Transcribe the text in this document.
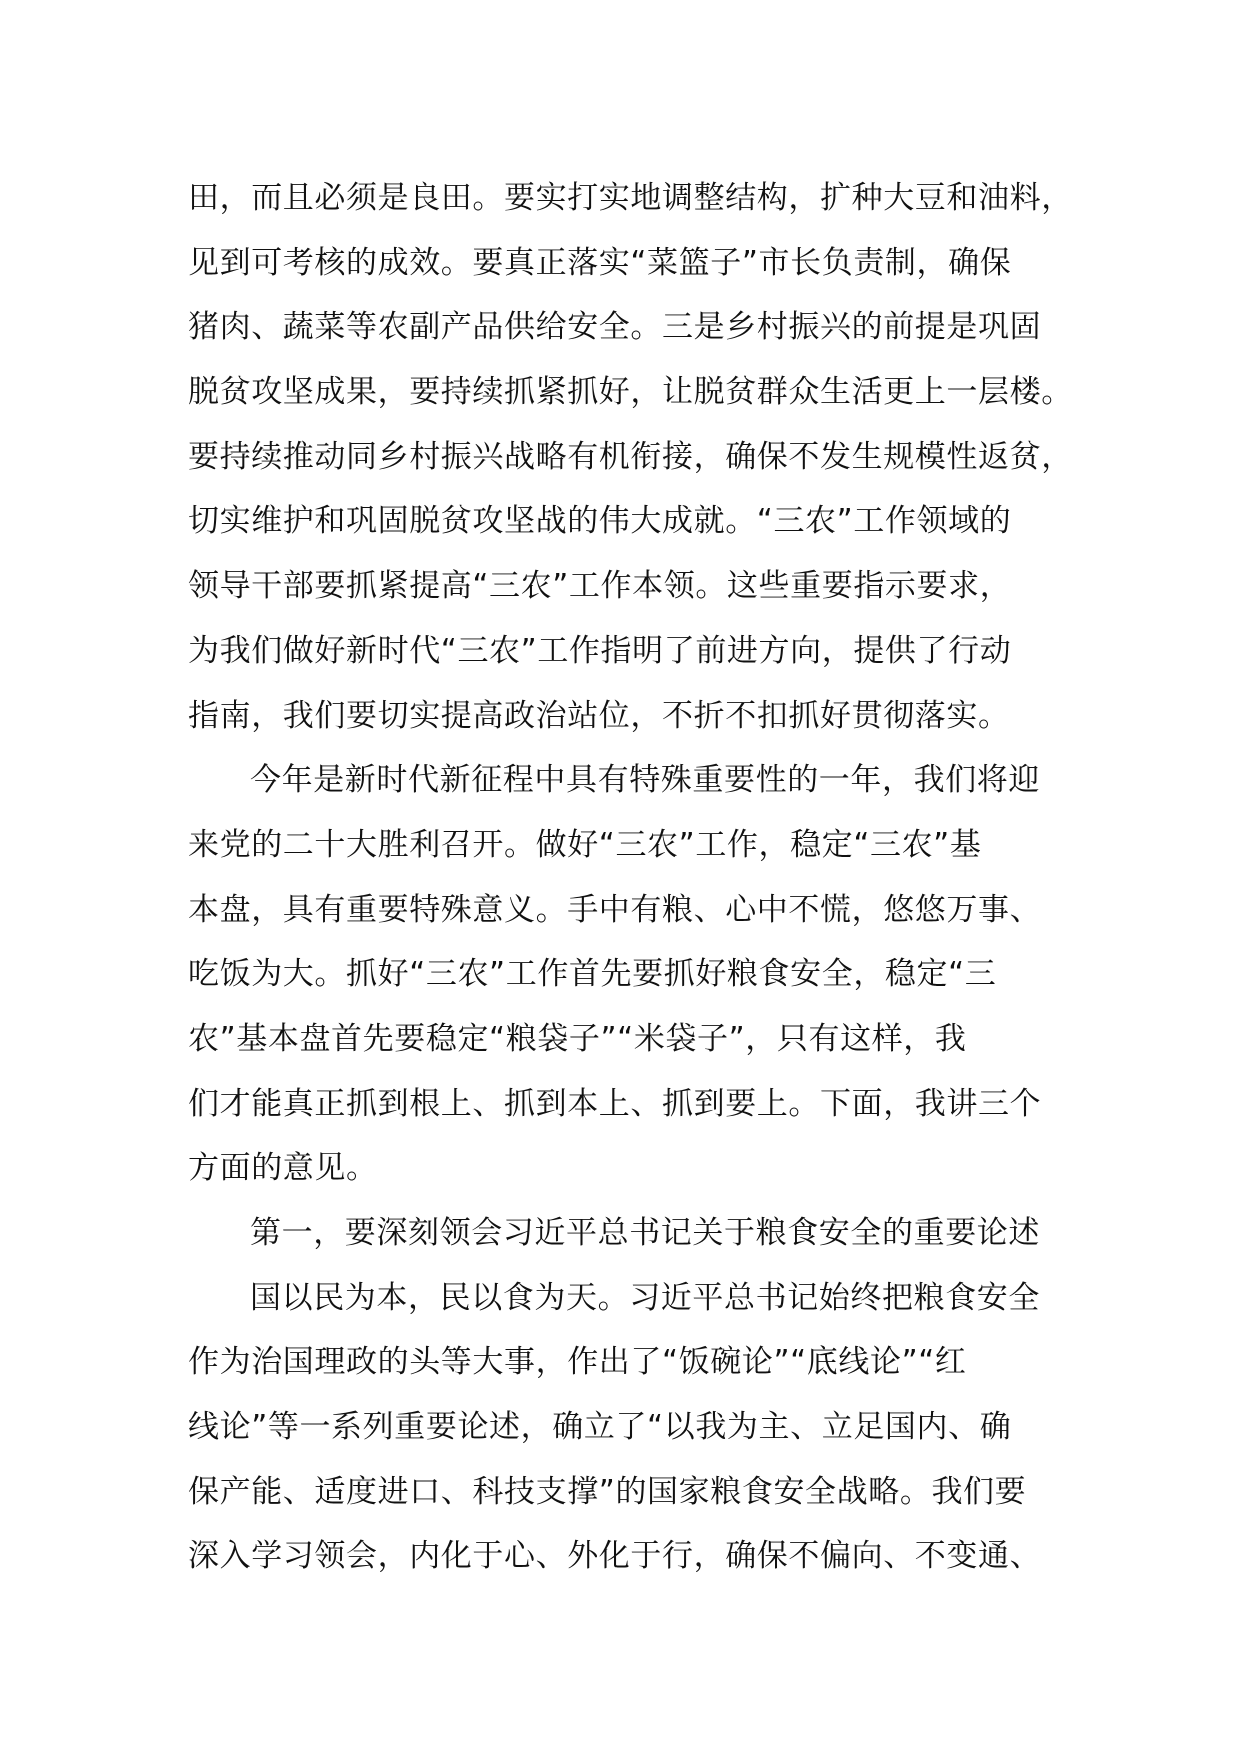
田，而且必须是良田。要实打实地调整结构，扩种大豆和油料，
见到可考核的成效。要真正落实“菜篮子”市长负责制，确保
猪肉、蔬菜等农副产品供给安全。三是乡村振兴的前提是巩固
脱贫攻坚成果，要持续抓紧抓好，让脱贫群众生活更上一层楼。
要持续推动同乡村振兴战略有机衔接，确保不发生规模性返贫，
切实维护和巩固脱贫攻坚战的伟大成就。“三农”工作领域的
领导干部要抓紧提高“三农”工作本领。这些重要指示要求，
为我们做好新时代“三农”工作指明了前进方向，提供了行动
指南，我们要切实提高政治站位，不折不扣抓好贯彻落实。
今年是新时代新征程中具有特殊重要性的一年，我们将迎
来党的二十大胜利召开。做好“三农”工作，稳定“三农”基
本盘，具有重要特殊意义。手中有粮、心中不慌，悠悠万事、
吃饭为大。抓好“三农”工作首先要抓好粮食安全，稳定“三
农”基本盘首先要稳定“粮袋子”“米袋子”，只有这样，我
们才能真正抓到根上、抓到本上、抓到要上。下面，我讲三个
方面的意见。
第一，要深刻领会习近平总书记关于粮食安全的重要论述
国以民为本，民以食为天。习近平总书记始终把粮食安全
作为治国理政的头等大事，作出了“饭碗论”“底线论”“红
线论”等一系列重要论述，确立了“以我为主、立足国内、确
保产能、适度进口、科技支撑”的国家粮食安全战略。我们要
深入学习领会，内化于心、外化于行，确保不偏向、不变通、
